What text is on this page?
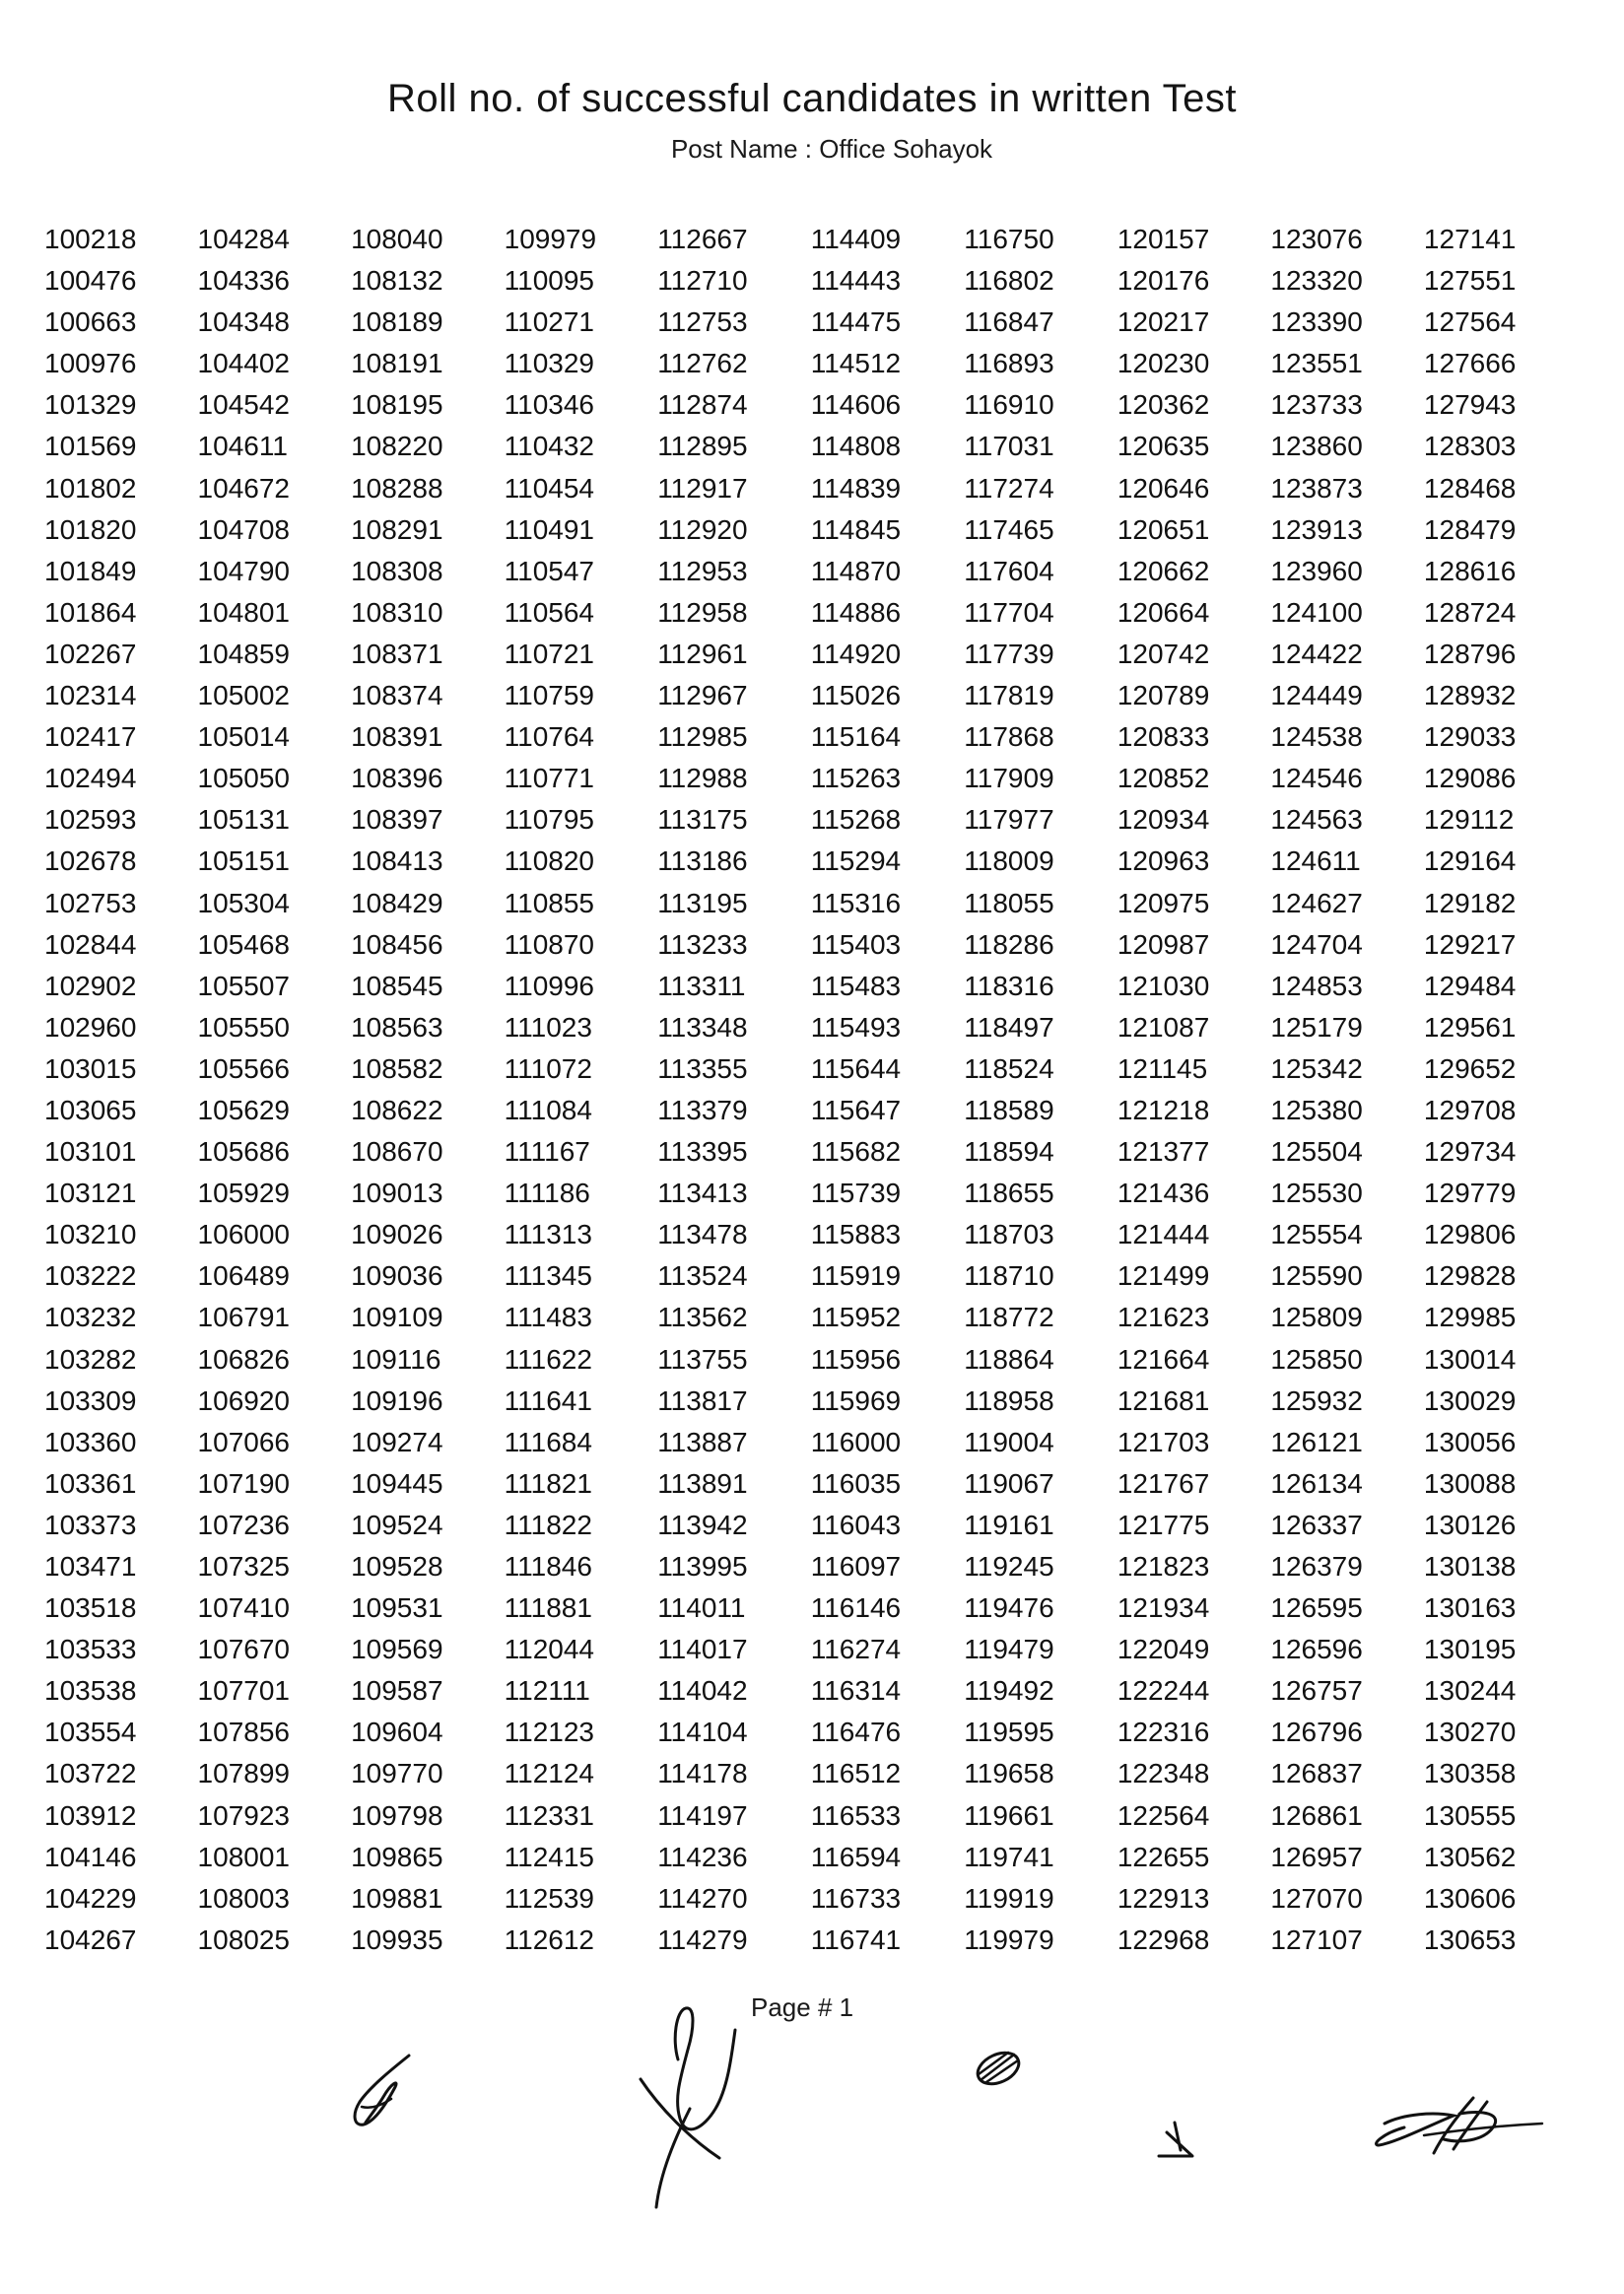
Roll no. of successful candidates in written Test
Post Name : Office Sohayok
100218
100476
100663
100976
101329
101569
101802
101820
101849
101864
102267
102314
102417
102494
102593
102678
102753
102844
102902
102960
103015
103065
103101
103121
103210
103222
103232
103282
103309
103360
103361
103373
103471
103518
103533
103538
103554
103722
103912
104146
104229
104267
104284
104336
104348
104402
104542
104611
104672
104708
104790
104801
104859
105002
105014
105050
105131
105151
105304
105468
105507
105550
105566
105629
105686
105929
106000
106489
106791
106826
106920
107066
107190
107236
107325
107410
107670
107701
107856
107899
107923
108001
108003
108025
108040
108132
108189
108191
108195
108220
108288
108291
108308
108310
108371
108374
108391
108396
108397
108413
108429
108456
108545
108563
108582
108622
108670
109013
109026
109036
109109
109116
109196
109274
109445
109524
109528
109531
109569
109587
109604
109770
109798
109865
109881
109935
109979
110095
110271
110329
110346
110432
110454
110491
110547
110564
110721
110759
110764
110771
110795
110820
110855
110870
110996
111023
111072
111084
111167
111186
111313
111345
111483
111622
111641
111684
111821
111822
111846
111881
112044
112111
112123
112124
112331
112415
112539
112612
112667
112710
112753
112762
112874
112895
112917
112920
112953
112958
112961
112967
112985
112988
113175
113186
113195
113233
113311
113348
113355
113379
113395
113413
113478
113524
113562
113755
113817
113887
113891
113942
113995
114011
114017
114042
114104
114178
114197
114236
114270
114279
114409
114443
114475
114512
114606
114808
114839
114845
114870
114886
114920
115026
115164
115263
115268
115294
115316
115403
115483
115493
115644
115647
115682
115739
115883
115919
115952
115956
115969
116000
116035
116043
116097
116146
116274
116314
116476
116512
116533
116594
116733
116741
116750
116802
116847
116893
116910
117031
117274
117465
117604
117704
117739
117819
117868
117909
117977
118009
118055
118286
118316
118497
118524
118589
118594
118655
118703
118710
118772
118864
118958
119004
119067
119161
119245
119476
119479
119492
119595
119658
119661
119741
119919
119979
120157
120176
120217
120230
120362
120635
120646
120651
120662
120664
120742
120789
120833
120852
120934
120963
120975
120987
121030
121087
121145
121218
121377
121436
121444
121499
121623
121664
121681
121703
121767
121775
121823
121934
122049
122244
122316
122348
122564
122655
122913
122968
123076
123320
123390
123551
123733
123860
123873
123913
123960
124100
124422
124449
124538
124546
124563
124611
124627
124704
124853
125179
125342
125380
125504
125530
125554
125590
125809
125850
125932
126121
126134
126337
126379
126595
126596
126757
126796
126837
126861
126957
127070
127107
127141
127551
127564
127666
127943
128303
128468
128479
128616
128724
128796
128932
129033
129086
129112
129164
129182
129217
129484
129561
129652
129708
129734
129779
129806
129828
129985
130014
130029
130056
130088
130126
130138
130163
130195
130244
130270
130358
130555
130562
130606
130653
Page # 1
